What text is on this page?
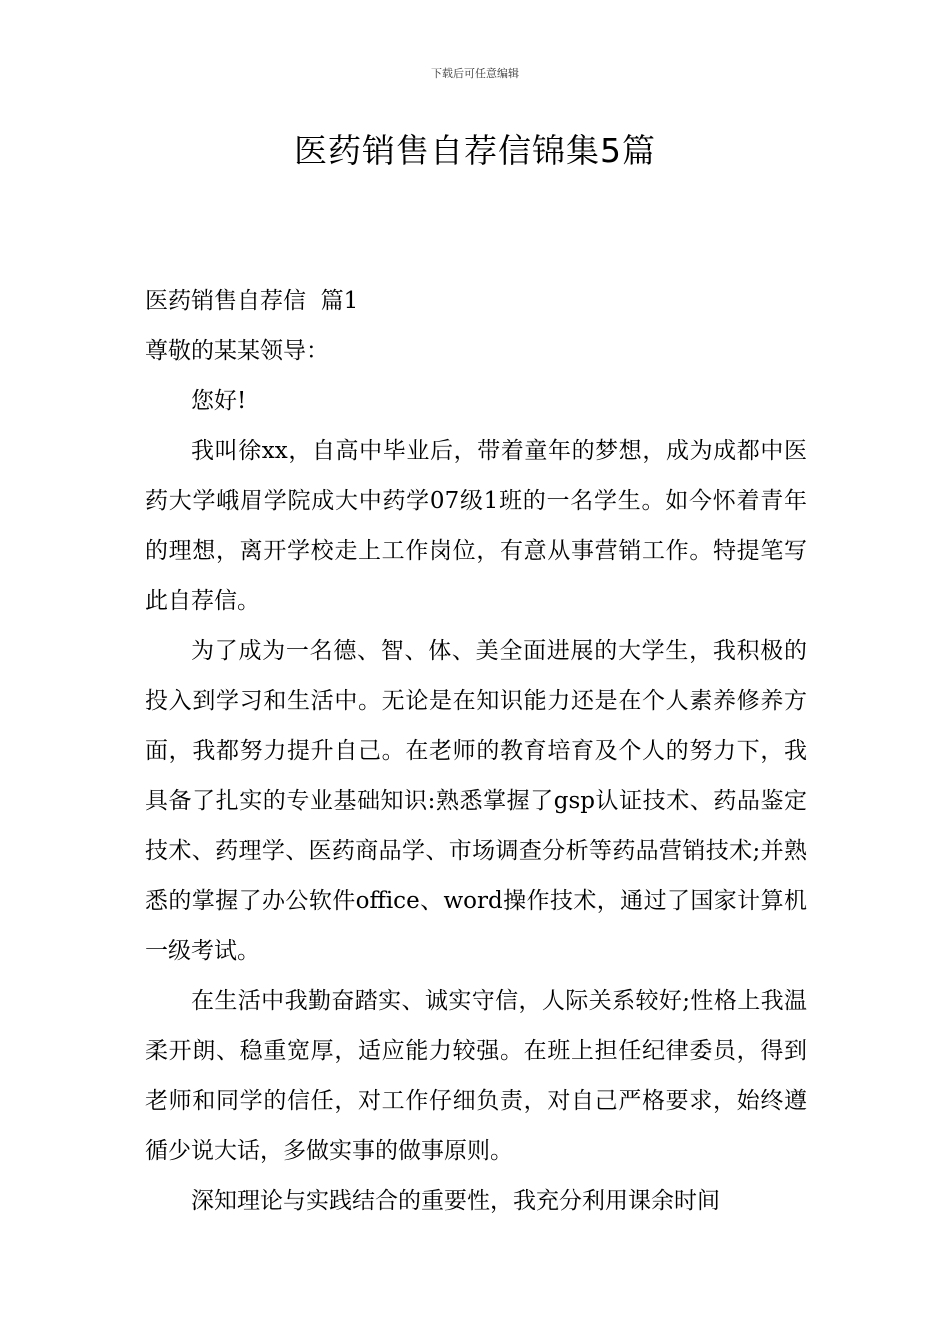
下载后可任意编辑
医药销售自荐信锦集5篇
医药销售自荐信  篇1
尊敬的某某领导：
您好!

我叫徐xx，自高中毕业后，带着童年的梦想，成为成都中医药大学峨眉学院成大中药学07级1班的一名学生。如今怀着青年的理想，离开学校走上工作岗位，有意从事营销工作。特提笔写此自荐信。

为了成为一名德、智、体、美全面进展的大学生，我积极的投入到学习和生活中。无论是在知识能力还是在个人素养修养方面，我都努力提升自己。在老师的教育培育及个人的努力下，我具备了扎实的专业基础知识:熟悉掌握了gsp认证技术、药品鉴定技术、药理学、医药商品学、市场调查分析等药品营销技术;并熟悉的掌握了办公软件office、word操作技术，通过了国家计算机一级考试。

在生活中我勤奋踏实、诚实守信，人际关系较好;性格上我温柔开朗、稳重宽厚，适应能力较强。在班上担任纪律委员，得到老师和同学的信任，对工作仔细负责，对自己严格要求，始终遵循少说大话，多做实事的做事原则。

深知理论与实践结合的重要性，我充分利用课余时间
